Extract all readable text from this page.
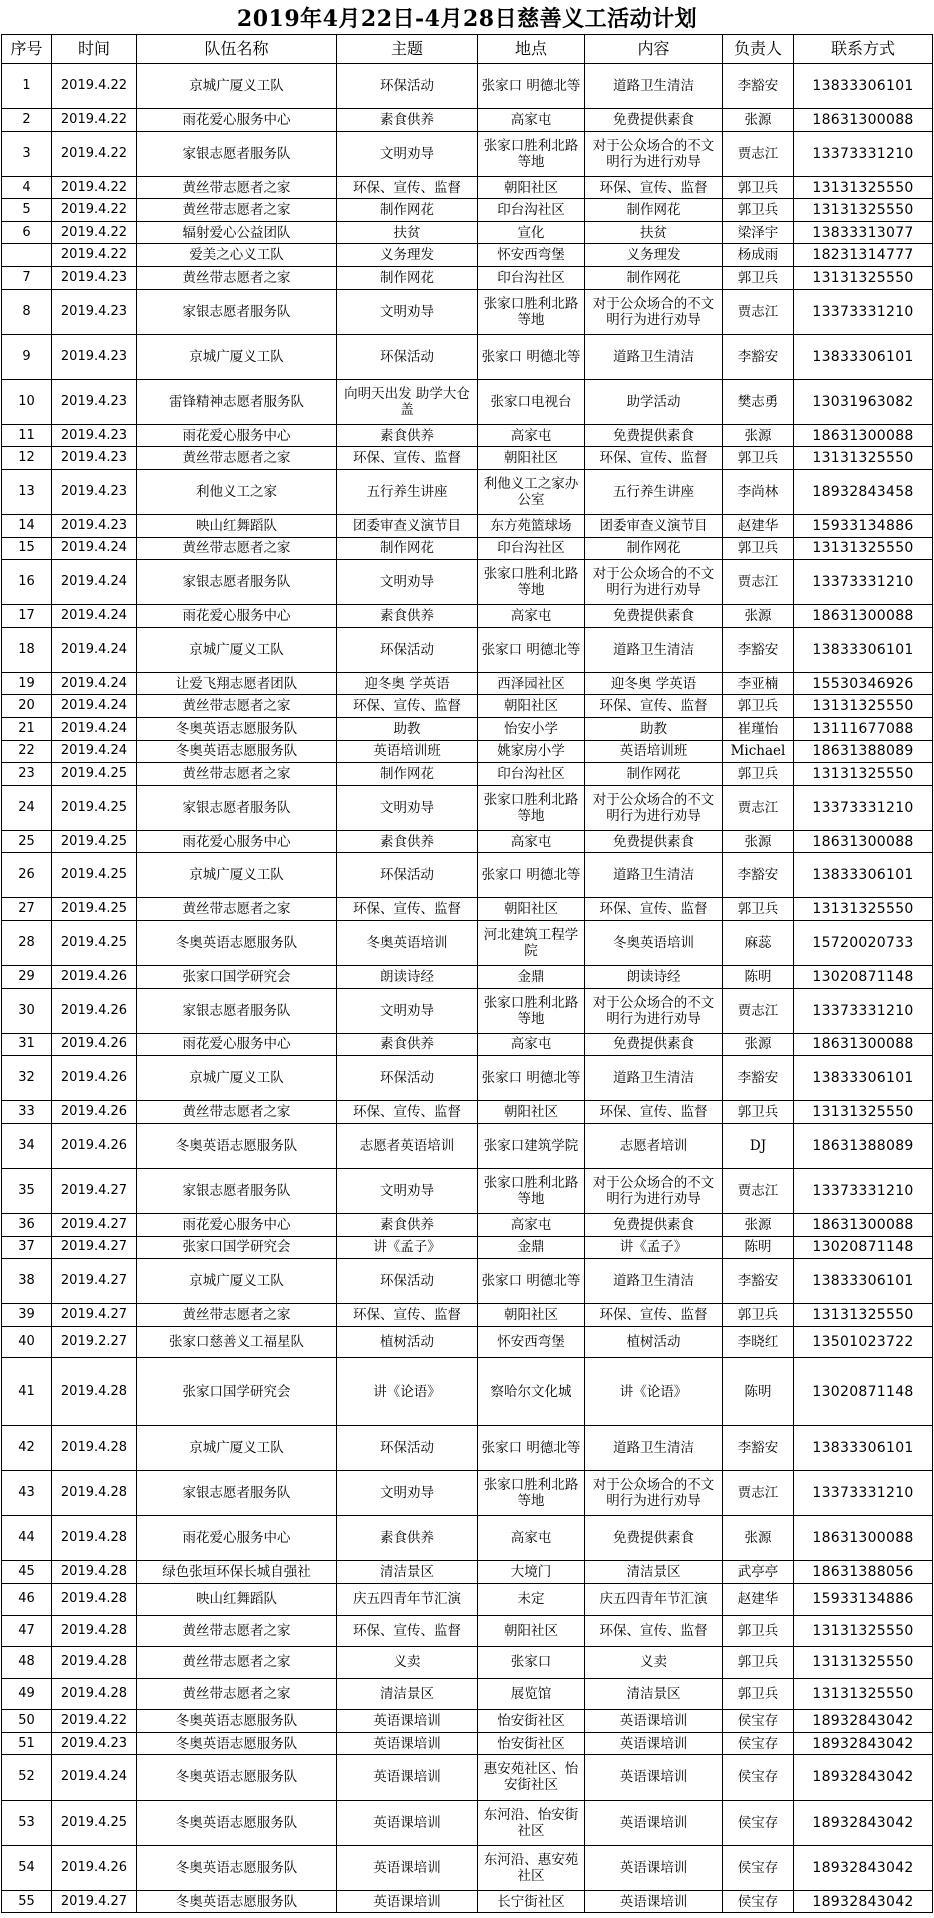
2019年4月22日-4月28日慈善义工活动计划
序号	时间	队伍名称	主题	地点	内容	负责人	联系方式
1	2019.4.22	京城广厦义工队	环保活动	张家口 明德北等	道路卫生清洁	李豁安	13833306101
2	2019.4.22	雨花爱心服务中心	素食供养	高家屯	免费提供素食	张源	18631300088
3	2019.4.22	家银志愿者服务队	文明劝导	张家口胜利北路等地	对于公众场合的不文明行为进行劝导	贾志江	13373331210
4	2019.4.22	黄丝带志愿者之家	环保、宣传、监督	朝阳社区	环保、宣传、监督	郭卫兵	13131325550
5	2019.4.22	黄丝带志愿者之家	制作网花	印台沟社区	制作网花	郭卫兵	13131325550
6	2019.4.22	辐射爱心公益团队	扶贫	宣化	扶贫	梁泽宇	13833313077
	2019.4.22	爱美之心义工队	义务理发	怀安西弯堡	义务理发	杨成雨	18231314777
7	2019.4.23	黄丝带志愿者之家	制作网花	印台沟社区	制作网花	郭卫兵	13131325550
8	2019.4.23	家银志愿者服务队	文明劝导	张家口胜利北路等地	对于公众场合的不文明行为进行劝导	贾志江	13373331210
9	2019.4.23	京城广厦义工队	环保活动	张家口 明德北等	道路卫生清洁	李豁安	13833306101
10	2019.4.23	雷锋精神志愿者服务队	向明天出发 助学大仓盖	张家口电视台	助学活动	樊志勇	13031963082
11	2019.4.23	雨花爱心服务中心	素食供养	高家屯	免费提供素食	张源	18631300088
12	2019.4.23	黄丝带志愿者之家	环保、宣传、监督	朝阳社区	环保、宣传、监督	郭卫兵	13131325550
13	2019.4.23	利他义工之家	五行养生讲座	利他义工之家办公室	五行养生讲座	李尚林	18932843458
14	2019.4.23	映山红舞蹈队	团委审查义演节目	东方苑篮球场	团委审查义演节目	赵建华	15933134886
15	2019.4.24	黄丝带志愿者之家	制作网花	印台沟社区	制作网花	郭卫兵	13131325550
16	2019.4.24	家银志愿者服务队	文明劝导	张家口胜利北路等地	对于公众场合的不文明行为进行劝导	贾志江	13373331210
17	2019.4.24	雨花爱心服务中心	素食供养	高家屯	免费提供素食	张源	18631300088
18	2019.4.24	京城广厦义工队	环保活动	张家口 明德北等	道路卫生清洁	李豁安	13833306101
19	2019.4.24	让爱飞翔志愿者团队	迎冬奥 学英语	西泽园社区	迎冬奥 学英语	李亚楠	15530346926
20	2019.4.24	黄丝带志愿者之家	环保、宣传、监督	朝阳社区	环保、宣传、监督	郭卫兵	13131325550
21	2019.4.24	冬奥英语志愿服务队	助教	怡安小学	助教	崔瑾怡	13111677088
22	2019.4.24	冬奥英语志愿服务队	英语培训班	姚家房小学	英语培训班	Michael	18631388089
23	2019.4.25	黄丝带志愿者之家	制作网花	印台沟社区	制作网花	郭卫兵	13131325550
24	2019.4.25	家银志愿者服务队	文明劝导	张家口胜利北路等地	对于公众场合的不文明行为进行劝导	贾志江	13373331210
25	2019.4.25	雨花爱心服务中心	素食供养	高家屯	免费提供素食	张源	18631300088
26	2019.4.25	京城广厦义工队	环保活动	张家口 明德北等	道路卫生清洁	李豁安	13833306101
27	2019.4.25	黄丝带志愿者之家	环保、宣传、监督	朝阳社区	环保、宣传、监督	郭卫兵	13131325550
28	2019.4.25	冬奥英语志愿服务队	冬奥英语培训	河北建筑工程学院	冬奥英语培训	麻蕊	15720020733
29	2019.4.26	张家口国学研究会	朗读诗经	金鼎	朗读诗经	陈明	13020871148
30	2019.4.26	家银志愿者服务队	文明劝导	张家口胜利北路等地	对于公众场合的不文明行为进行劝导	贾志江	13373331210
31	2019.4.26	雨花爱心服务中心	素食供养	高家屯	免费提供素食	张源	18631300088
32	2019.4.26	京城广厦义工队	环保活动	张家口 明德北等	道路卫生清洁	李豁安	13833306101
33	2019.4.26	黄丝带志愿者之家	环保、宣传、监督	朝阳社区	环保、宣传、监督	郭卫兵	13131325550
34	2019.4.26	冬奥英语志愿服务队	志愿者英语培训	张家口建筑学院	志愿者培训	DJ	18631388089
35	2019.4.27	家银志愿者服务队	文明劝导	张家口胜利北路等地	对于公众场合的不文明行为进行劝导	贾志江	13373331210
36	2019.4.27	雨花爱心服务中心	素食供养	高家屯	免费提供素食	张源	18631300088
37	2019.4.27	张家口国学研究会	讲《孟子》	金鼎	讲《孟子》	陈明	13020871148
38	2019.4.27	京城广厦义工队	环保活动	张家口 明德北等	道路卫生清洁	李豁安	13833306101
39	2019.4.27	黄丝带志愿者之家	环保、宣传、监督	朝阳社区	环保、宣传、监督	郭卫兵	13131325550
40	2019.2.27	张家口慈善义工福星队	植树活动	怀安西弯堡	植树活动	李晓红	13501023722
41	2019.4.28	张家口国学研究会	讲《论语》	察哈尔文化城	讲《论语》	陈明	13020871148
42	2019.4.28	京城广厦义工队	环保活动	张家口 明德北等	道路卫生清洁	李豁安	13833306101
43	2019.4.28	家银志愿者服务队	文明劝导	张家口胜利北路等地	对于公众场合的不文明行为进行劝导	贾志江	13373331210
44	2019.4.28	雨花爱心服务中心	素食供养	高家屯	免费提供素食	张源	18631300088
45	2019.4.28	绿色张垣环保长城自强社	清洁景区	大境门	清洁景区	武亭亭	18631388056
46	2019.4.28	映山红舞蹈队	庆五四青年节汇演	未定	庆五四青年节汇演	赵建华	15933134886
47	2019.4.28	黄丝带志愿者之家	环保、宣传、监督	朝阳社区	环保、宣传、监督	郭卫兵	13131325550
48	2019.4.28	黄丝带志愿者之家	义卖	张家口	义卖	郭卫兵	13131325550
49	2019.4.28	黄丝带志愿者之家	清洁景区	展览馆	清洁景区	郭卫兵	13131325550
50	2019.4.22	冬奥英语志愿服务队	英语课培训	怡安街社区	英语课培训	侯宝存	18932843042
51	2019.4.23	冬奥英语志愿服务队	英语课培训	怡安街社区	英语课培训	侯宝存	18932843042
52	2019.4.24	冬奥英语志愿服务队	英语课培训	惠安苑社区、怡安街社区	英语课培训	侯宝存	18932843042
53	2019.4.25	冬奥英语志愿服务队	英语课培训	东河沿、怡安街社区	英语课培训	侯宝存	18932843042
54	2019.4.26	冬奥英语志愿服务队	英语课培训	东河沿、惠安苑社区	英语课培训	侯宝存	18932843042
55	2019.4.27	冬奥英语志愿服务队	英语课培训	长宁街社区	英语课培训	侯宝存	18932843042
